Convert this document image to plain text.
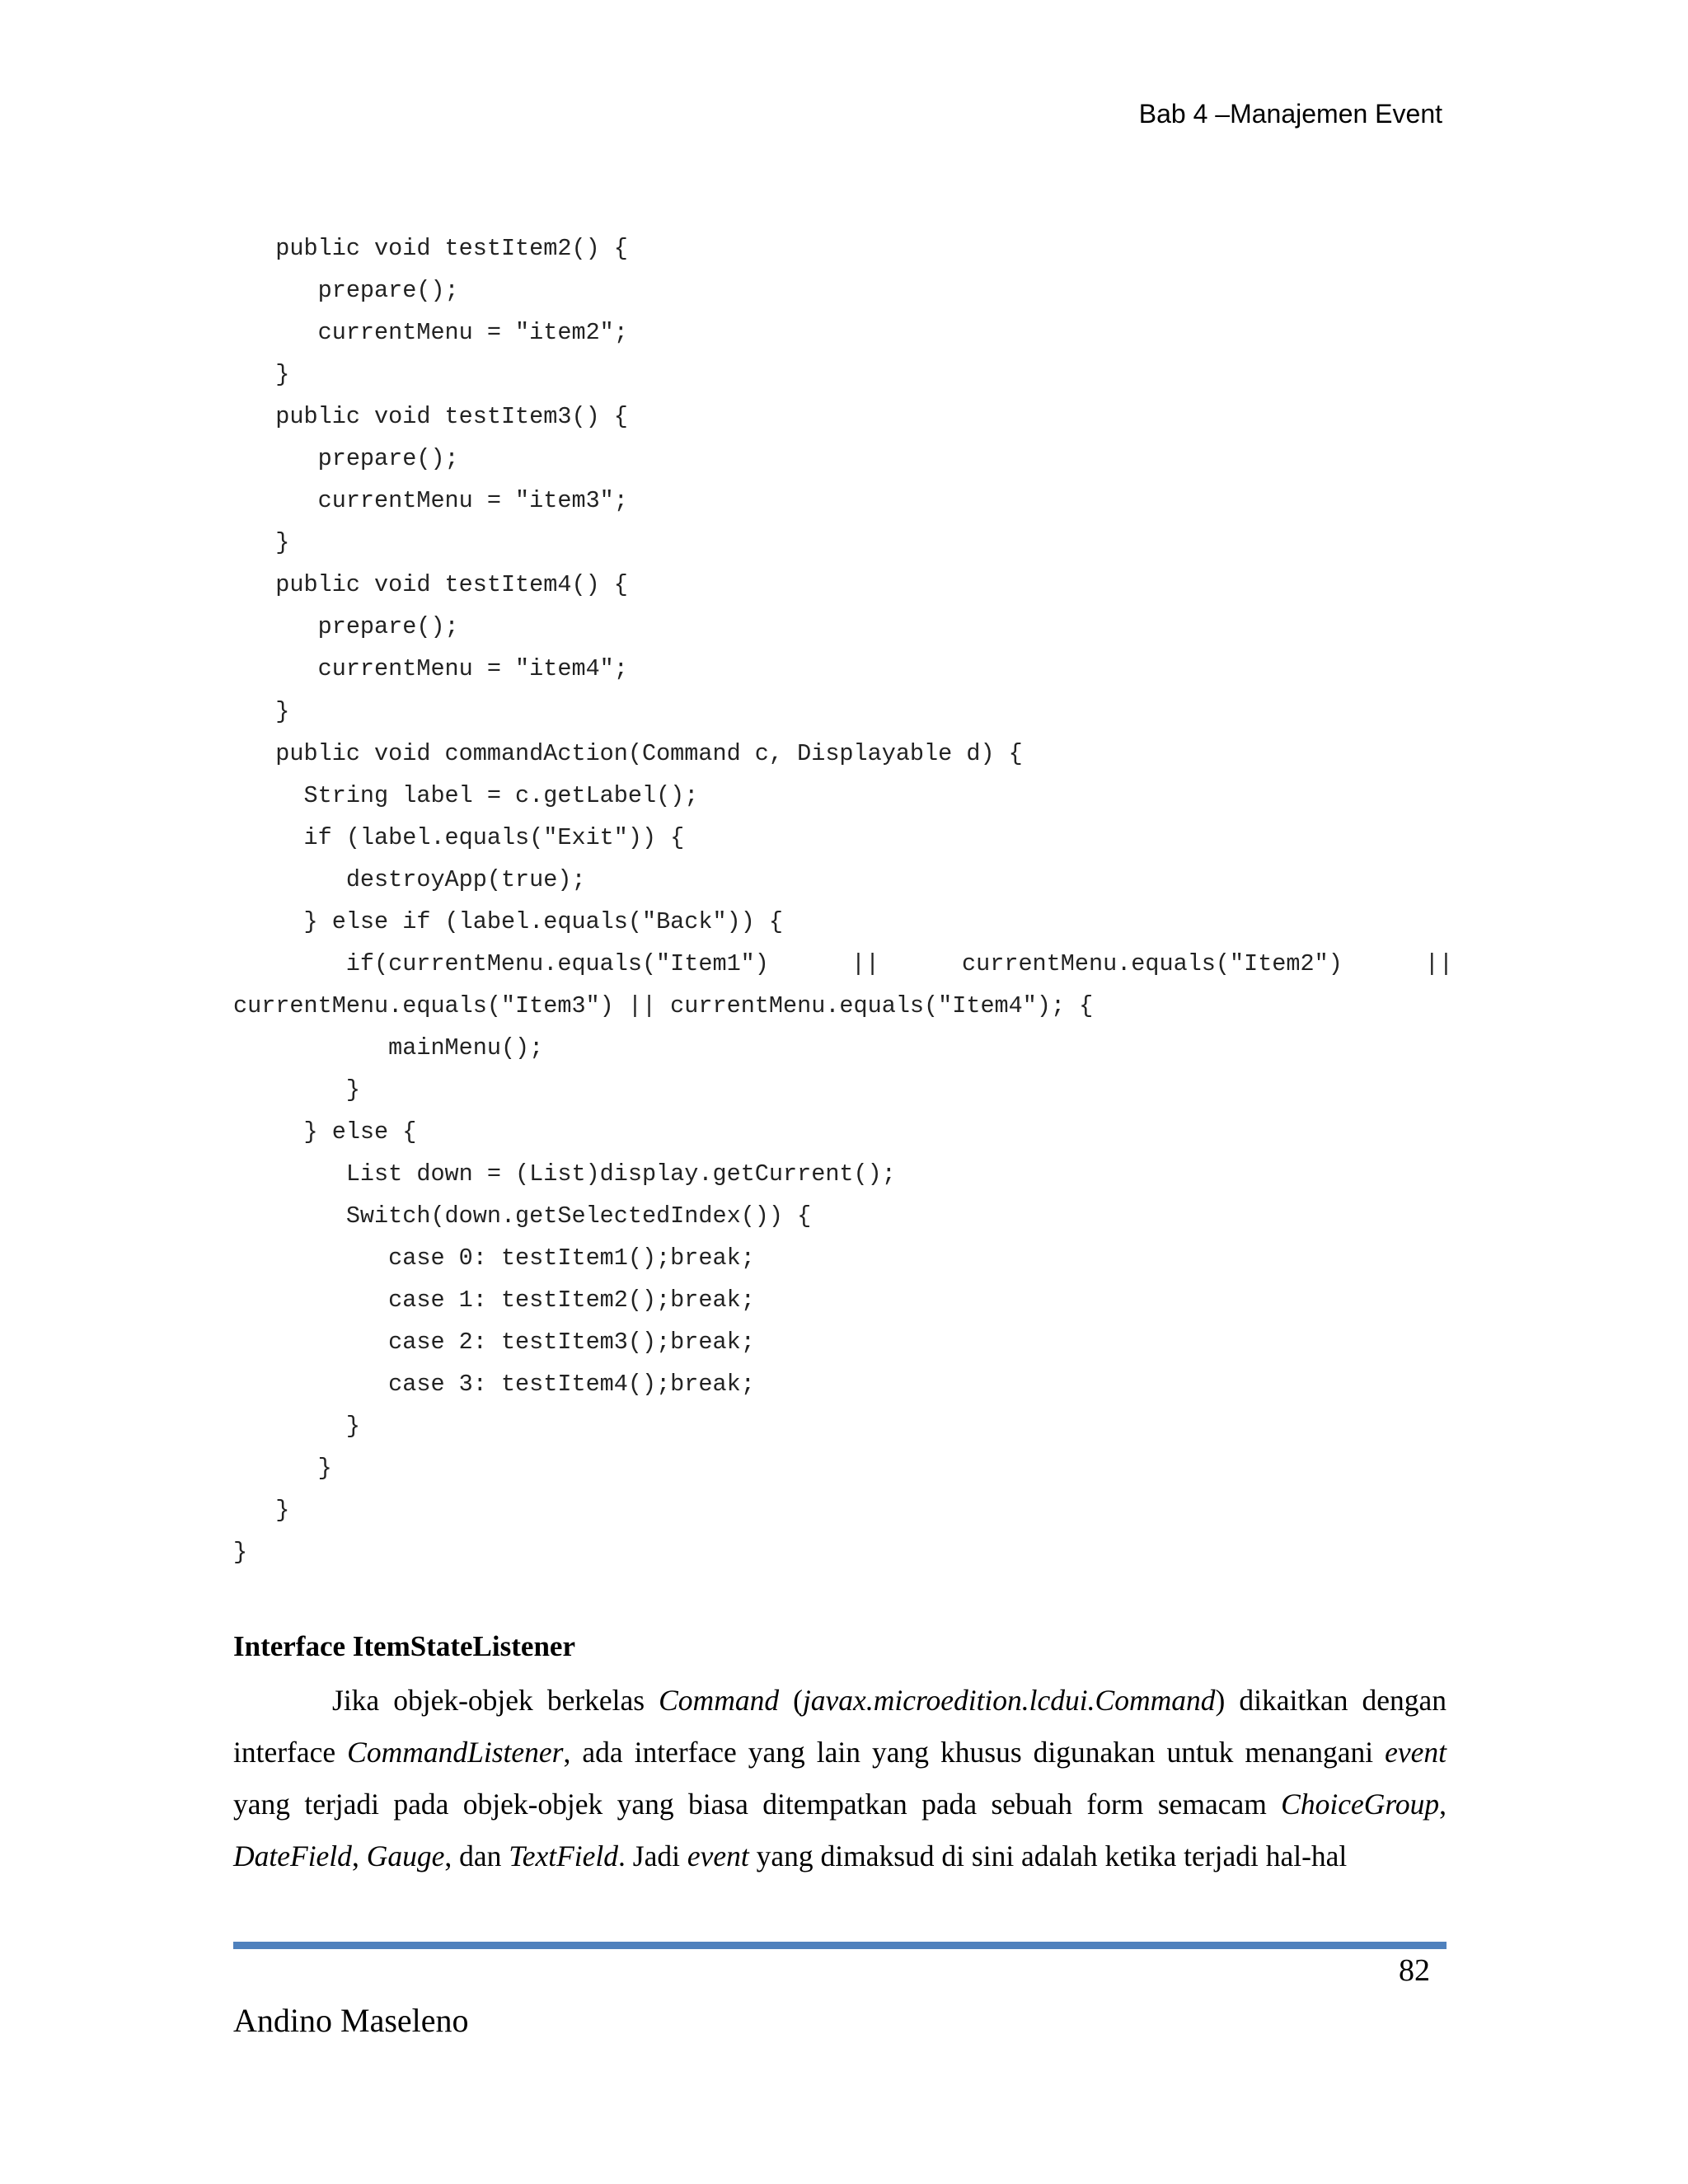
Bab 4 –Manajemen Event
public void testItem2() {
prepare();
currentMenu = "item2";
}
public void testItem3() {
prepare();
currentMenu = "item3";
}
public void testItem4() {
prepare();
currentMenu = "item4";
}
public void commandAction(Command c, Displayable d) {
String label = c.getLabel();
if (label.equals("Exit")) {
destroyApp(true);
} else if (label.equals("Back")) {
if(currentMenu.equals("Item1")	||	currentMenu.equals("Item2")	||
currentMenu.equals("Item3") || currentMenu.equals("Item4"); {
mainMenu();
}
} else {
List down = (List)display.getCurrent();
Switch(down.getSelectedIndex()) {
case 0: testItem1();break;
case 1: testItem2();break;
case 2: testItem3();break;
case 3: testItem4();break;
}
}
}
}
Interface ItemStateListener
Jika objek-objek berkelas Command (javax.microedition.lcdui.Command) dikaitkan dengan interface CommandListener, ada interface yang lain yang khusus digunakan untuk menangani event yang terjadi pada objek-objek yang biasa ditempatkan pada sebuah form semacam ChoiceGroup, DateField, Gauge, dan TextField. Jadi event yang dimaksud di sini adalah ketika terjadi hal-hal
82
Andino Maseleno
